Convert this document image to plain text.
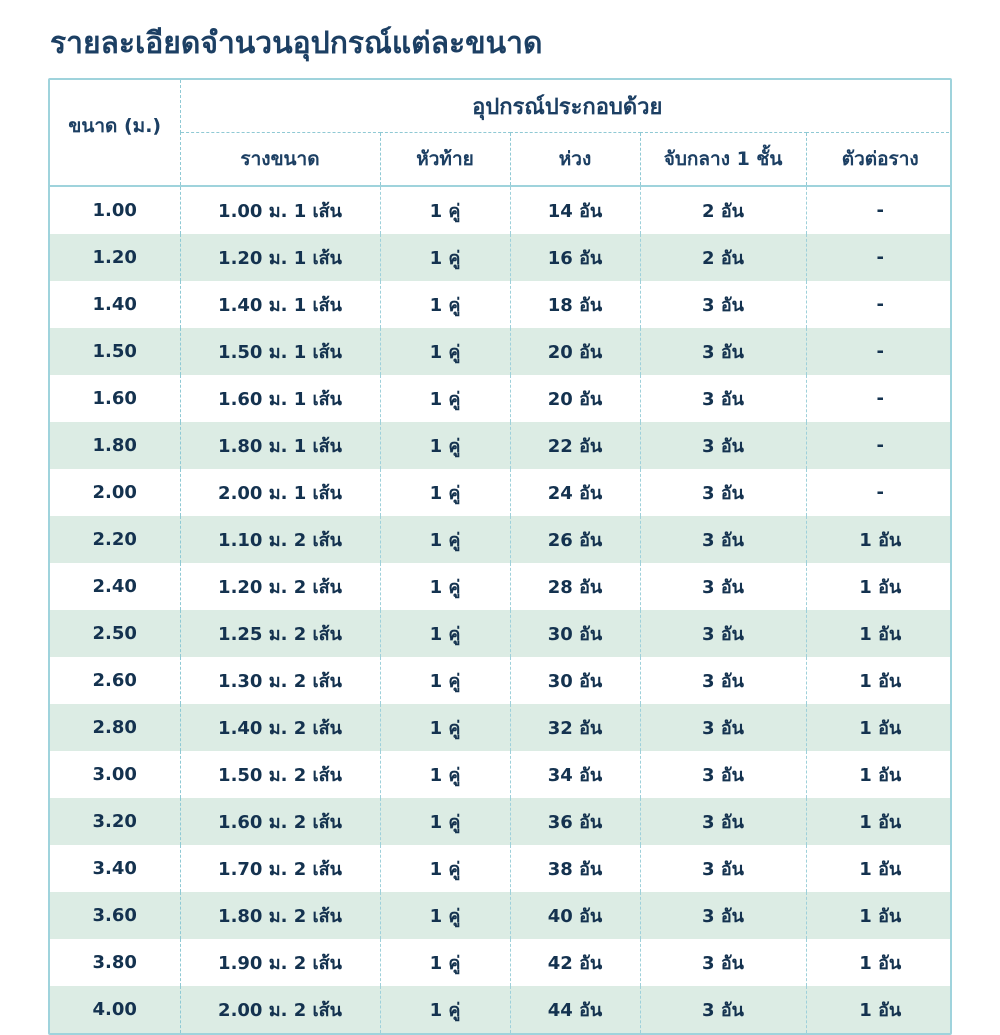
รายละเอียดจำนวนอุปกรณ์แต่ละขนาด
ขนาด (ม.)	อุปกรณ์ประกอบด้วย				
	รางขนาด	หัวท้าย	ห่วง	จับกลาง 1 ชั้น	ตัวต่อราง
1.00	1.00 ม. 1 เส้น	1 คู่	14 อัน	2 อัน	-
1.20	1.20 ม. 1 เส้น	1 คู่	16 อัน	2 อัน	-
1.40	1.40 ม. 1 เส้น	1 คู่	18 อัน	3 อัน	-
1.50	1.50 ม. 1 เส้น	1 คู่	20 อัน	3 อัน	-
1.60	1.60 ม. 1 เส้น	1 คู่	20 อัน	3 อัน	-
1.80	1.80 ม. 1 เส้น	1 คู่	22 อัน	3 อัน	-
2.00	2.00 ม. 1 เส้น	1 คู่	24 อัน	3 อัน	-
2.20	1.10 ม. 2 เส้น	1 คู่	26 อัน	3 อัน	1 อัน
2.40	1.20 ม. 2 เส้น	1 คู่	28 อัน	3 อัน	1 อัน
2.50	1.25 ม. 2 เส้น	1 คู่	30 อัน	3 อัน	1 อัน
2.60	1.30 ม. 2 เส้น	1 คู่	30 อัน	3 อัน	1 อัน
2.80	1.40 ม. 2 เส้น	1 คู่	32 อัน	3 อัน	1 อัน
3.00	1.50 ม. 2 เส้น	1 คู่	34 อัน	3 อัน	1 อัน
3.20	1.60 ม. 2 เส้น	1 คู่	36 อัน	3 อัน	1 อัน
3.40	1.70 ม. 2 เส้น	1 คู่	38 อัน	3 อัน	1 อัน
3.60	1.80 ม. 2 เส้น	1 คู่	40 อัน	3 อัน	1 อัน
3.80	1.90 ม. 2 เส้น	1 คู่	42 อัน	3 อัน	1 อัน
4.00	2.00 ม. 2 เส้น	1 คู่	44 อัน	3 อัน	1 อัน
